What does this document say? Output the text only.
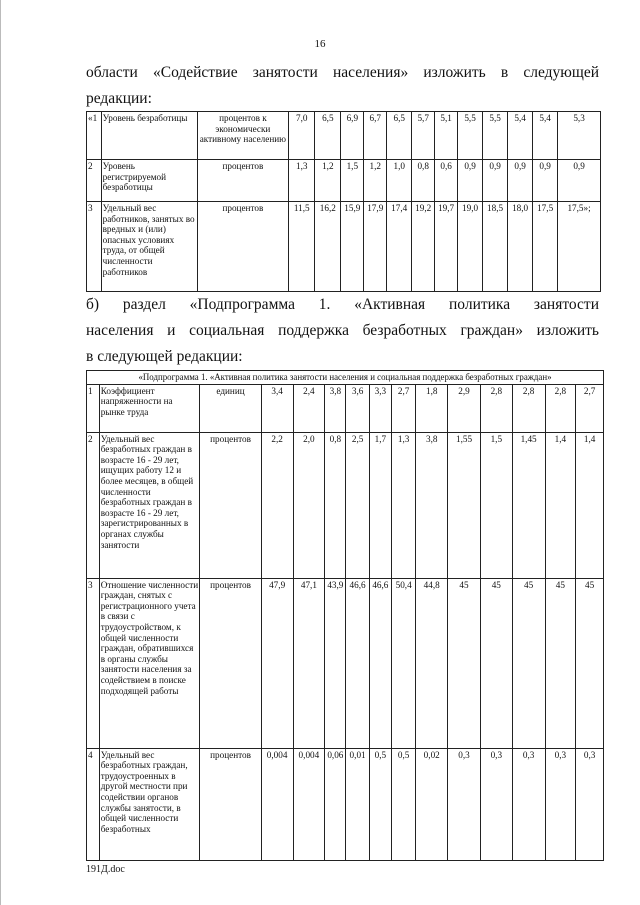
16
области «Содействие занятости населения» изложить в следующей
редакции:
«1	Уровень безработицы	процентов к экономически активному населению	7,0	6,5	6,9	6,7	6,5	5,7	5,1	5,5	5,5	5,4	5,4	5,3
2	Уровень регистрируемой безработицы	процентов	1,3	1,2	1,5	1,2	1,0	0,8	0,6	0,9	0,9	0,9	0,9	0,9
3	Удельный вес работников, занятых во вредных и (или) опасных условиях труда, от общей численности работников	процентов	11,5	16,2	15,9	17,9	17,4	19,2	19,7	19,0	18,5	18,0	17,5	17,5»;
б) раздел «Подпрограмма 1. «Активная политика занятости
населения и социальная поддержка безработных граждан» изложить
в следующей редакции:
«Подпрограмма 1. «Активная политика занятости населения и социальная поддержка безработных граждан»														
1	Коэффициент напряженности на рынке труда	единиц	3,4	2,4	3,8	3,6	3,3	2,7	1,8	2,9	2,8	2,8	2,8	2,7
2	Удельный вес безработных граждан в возрасте 16 - 29 лет, ищущих работу 12 и более месяцев, в общей численности безработных граждан в возрасте 16 - 29 лет, зарегистрированных в органах службы занятости	процентов	2,2	2,0	0,8	2,5	1,7	1,3	3,8	1,55	1,5	1,45	1,4	1,4
3	Отношение численности граждан, снятых с регистрационного учета в связи с трудоустройством, к общей численности граждан, обратившихся в органы службы занятости населения за содействием в поиске подходящей работы	процентов	47,9	47,1	43,9	46,6	46,6	50,4	44,8	45	45	45	45	45
4	Удельный вес безработных граждан, трудоустроенных в другой местности при содействии органов службы занятости, в общей численности безработных	процентов	0,004	0,004	0,06	0,01	0,5	0,5	0,02	0,3	0,3	0,3	0,3	0,3
191Д.doc
